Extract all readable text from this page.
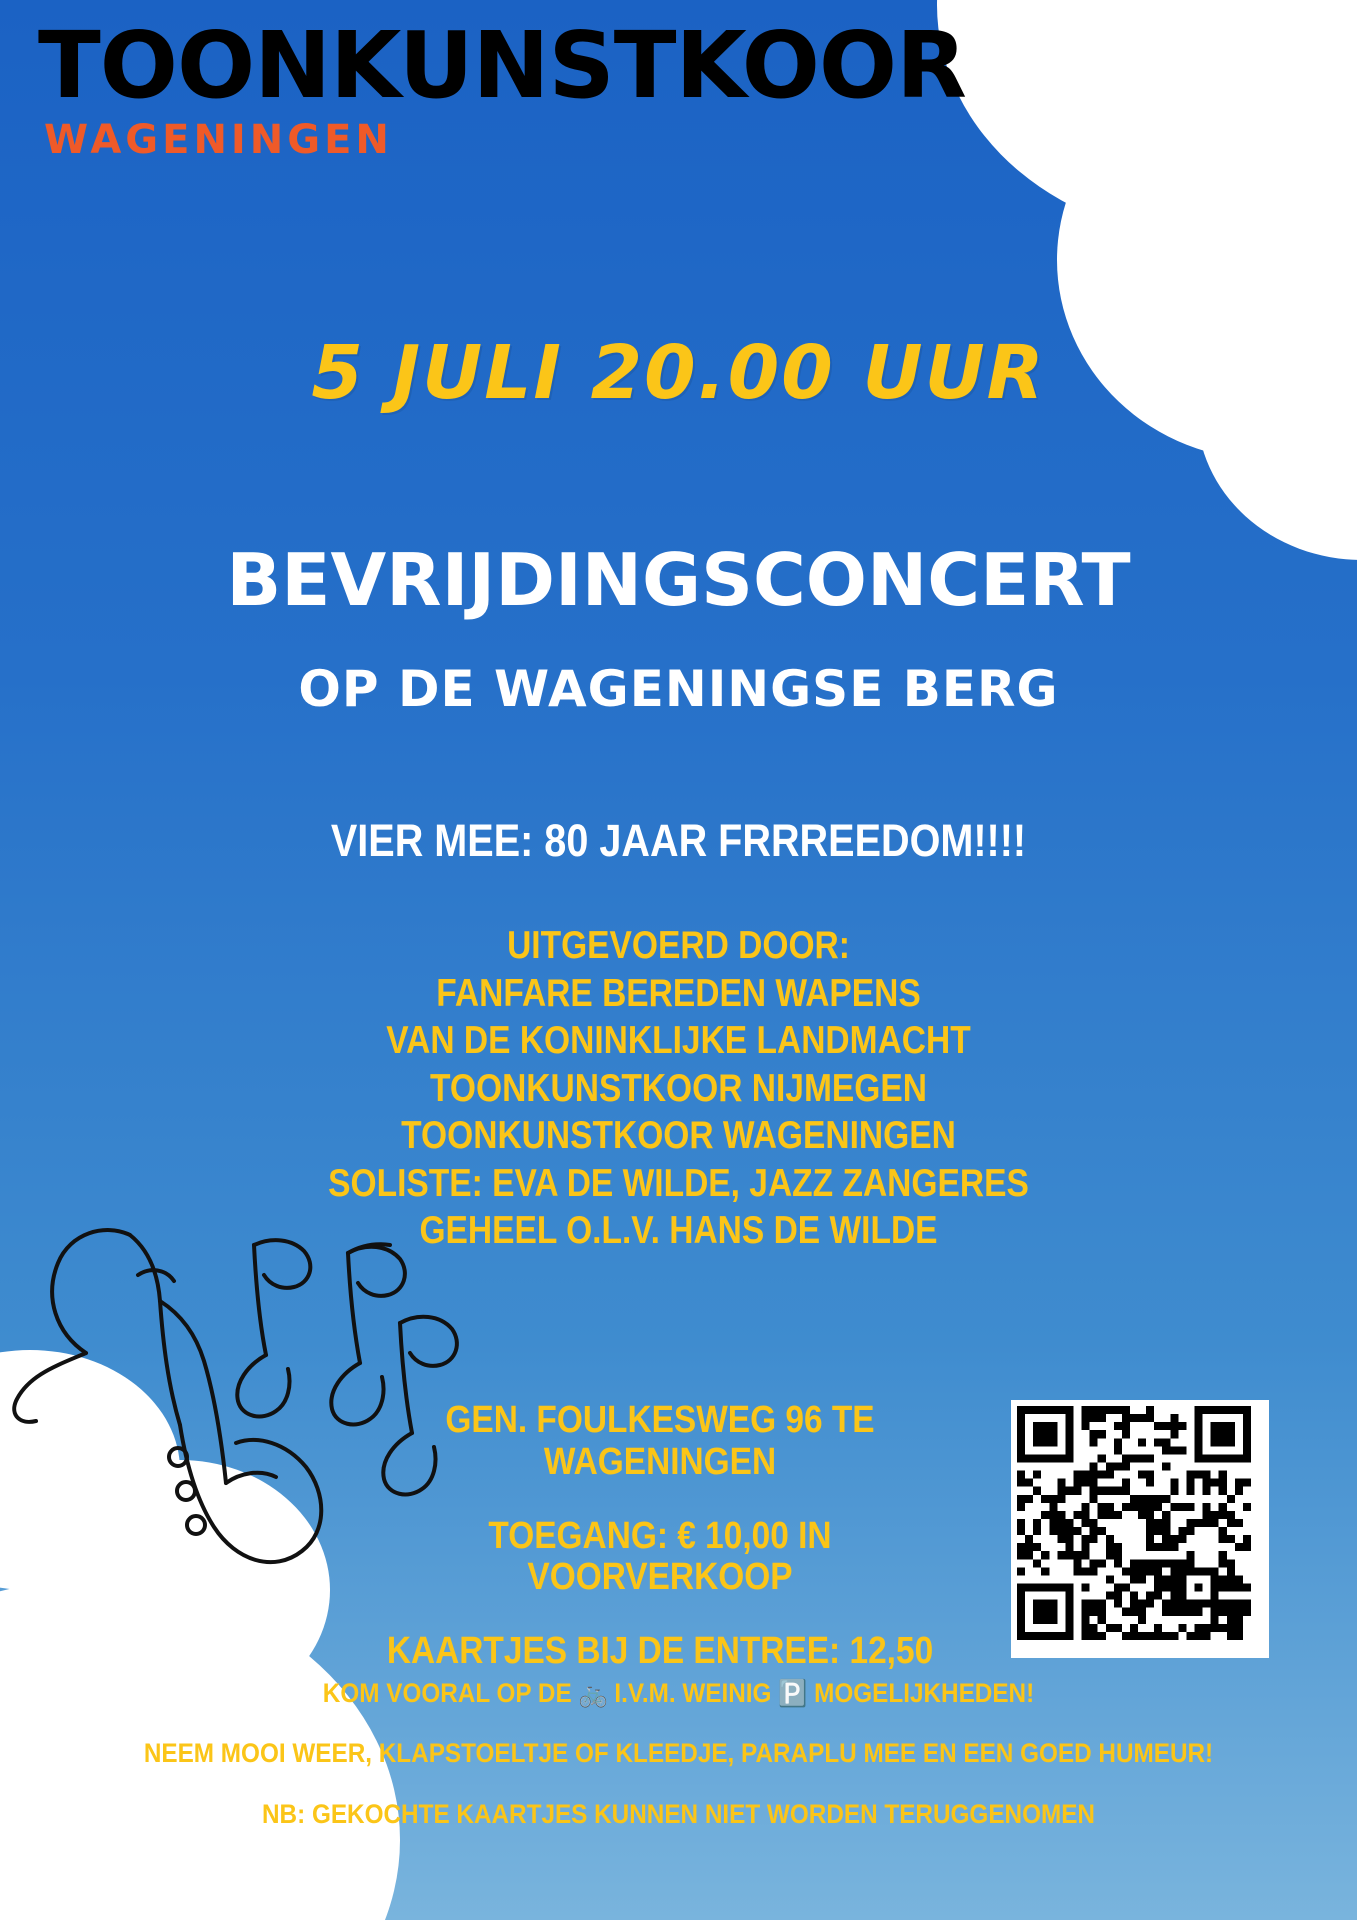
TOONKUNSTKOOR
WAGENINGEN
5 JULI 20.00 UUR
BEVRIJDINGSCONCERT
OP DE WAGENINGSE BERG
VIER MEE: 80 JAAR FRRREEDOM!!!!
UITGEVOERD DOOR:
FANFARE BEREDEN WAPENS
VAN DE KONINKLIJKE LANDMACHT
TOONKUNSTKOOR NIJMEGEN
TOONKUNSTKOOR WAGENINGEN
SOLISTE: EVA DE WILDE, JAZZ ZANGERES
GEHEEL O.L.V. HANS DE WILDE
GEN. FOULKESWEG 96 TE WAGENINGEN
TOEGANG: € 10,00 IN VOORVERKOOP
KAARTJES BIJ DE ENTREE: 12,50
KOM VOORAL OP DE 🚲 I.V.M. WEINIG 🅿️ MOGELIJKHEDEN!
NEEM MOOI WEER, KLAPSTOELTJE OF KLEEDJE, PARAPLU MEE EN EEN GOED HUMEUR!
NB: GEKOCHTE KAARTJES KUNNEN NIET WORDEN TERUGGENOMEN
